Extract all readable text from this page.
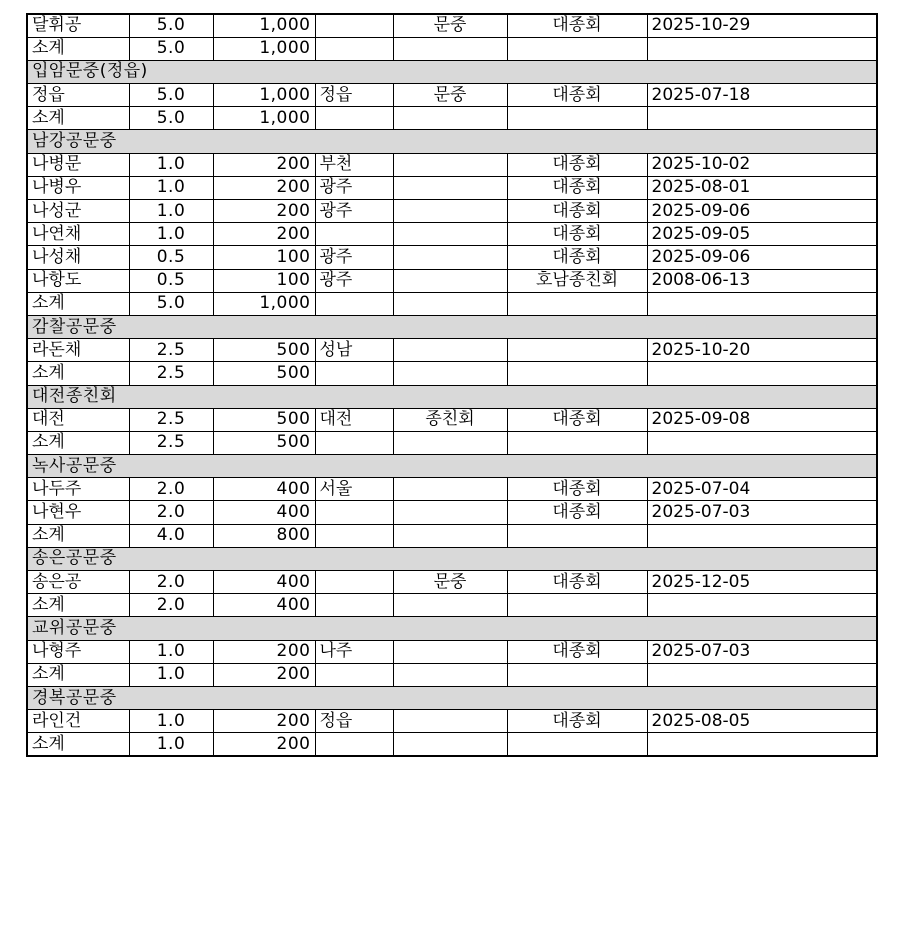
달휘공	5.0	1,000		문중	대종회	2025-10-29
소계	5.0	1,000				
입암문중(정읍)						
정읍	5.0	1,000	정읍	문중	대종회	2025-07-18
소계	5.0	1,000				
남강공문중						
나병문	1.0	200	부천		대종회	2025-10-02
나병우	1.0	200	광주		대종회	2025-08-01
나성군	1.0	200	광주		대종회	2025-09-06
나연채	1.0	200			대종회	2025-09-05
나성채	0.5	100	광주		대종회	2025-09-06
나항도	0.5	100	광주		호남종친회	2008-06-13
소계	5.0	1,000				
감찰공문중						
라돈채	2.5	500	성남			2025-10-20
소계	2.5	500				
대전종친회						
대전	2.5	500	대전	종친회	대종회	2025-09-08
소계	2.5	500				
녹사공문중						
나두주	2.0	400	서울		대종회	2025-07-04
나현우	2.0	400			대종회	2025-07-03
소계	4.0	800				
송은공문중						
송은공	2.0	400		문중	대종회	2025-12-05
소계	2.0	400				
교위공문중						
나형주	1.0	200	나주		대종회	2025-07-03
소계	1.0	200				
경복공문중						
라인건	1.0	200	정읍		대종회	2025-08-05
소계	1.0	200				
